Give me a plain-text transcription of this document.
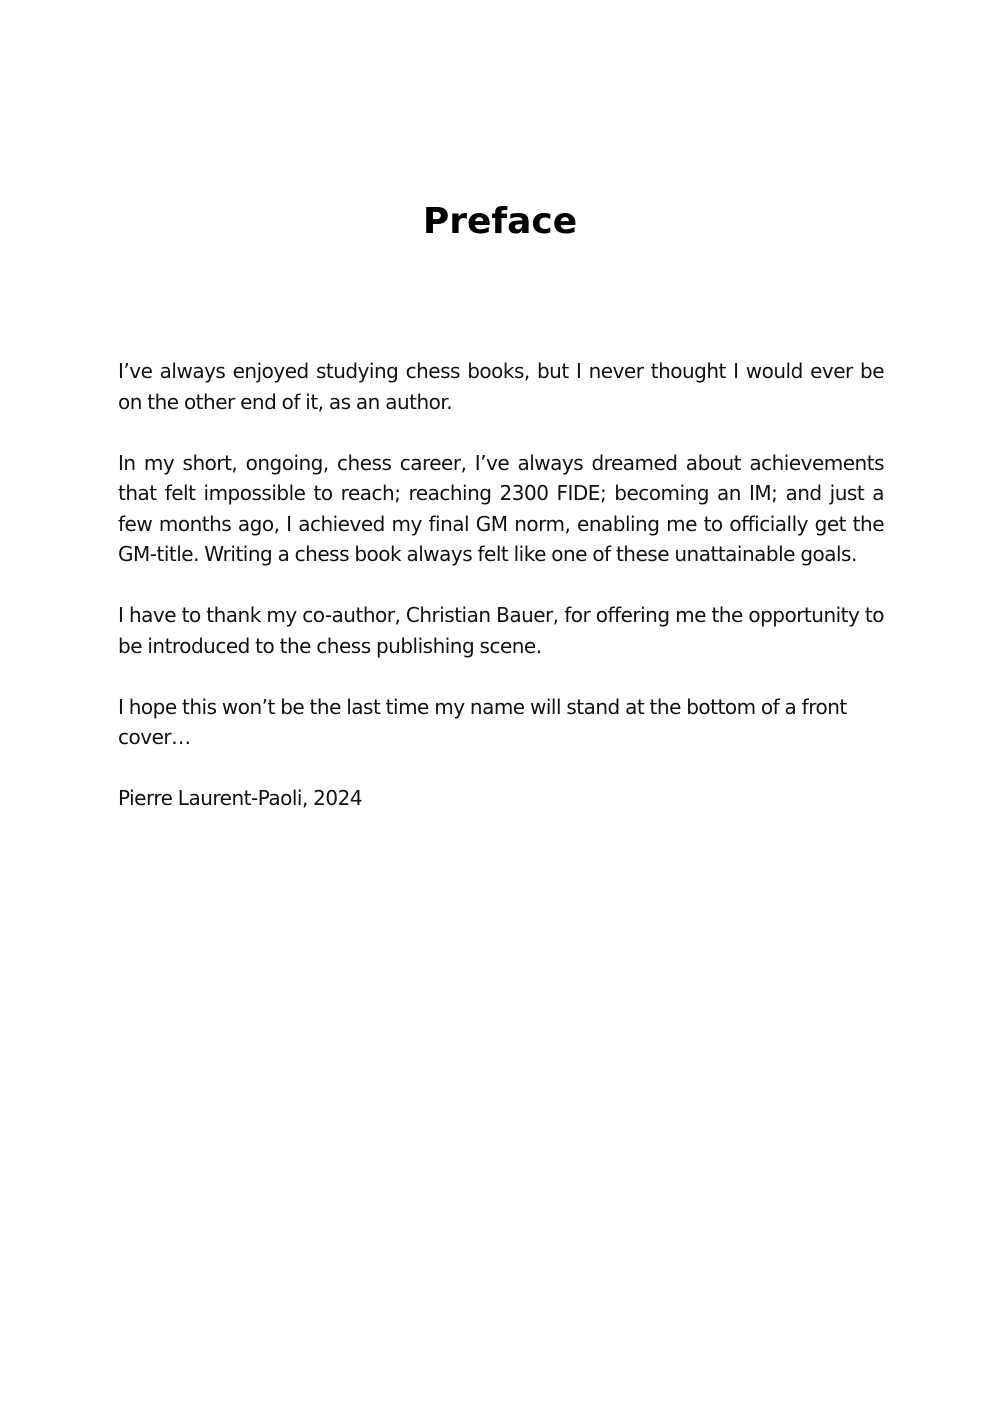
Preface

I’ve always enjoyed studying chess books, but I never thought I would ever be on the other end of it, as an author.

In my short, ongoing, chess career, I’ve always dreamed about achievements that felt impossible to reach; reaching 2300 FIDE; becoming an IM; and just a few months ago, I achieved my final GM norm, enabling me to officially get the GM-title. Writing a chess book always felt like one of these unattainable goals.

I have to thank my co-author, Christian Bauer, for offering me the opportunity to be introduced to the chess publishing scene.

I hope this won’t be the last time my name will stand at the bottom of a front cover…

Pierre Laurent-Paoli, 2024
